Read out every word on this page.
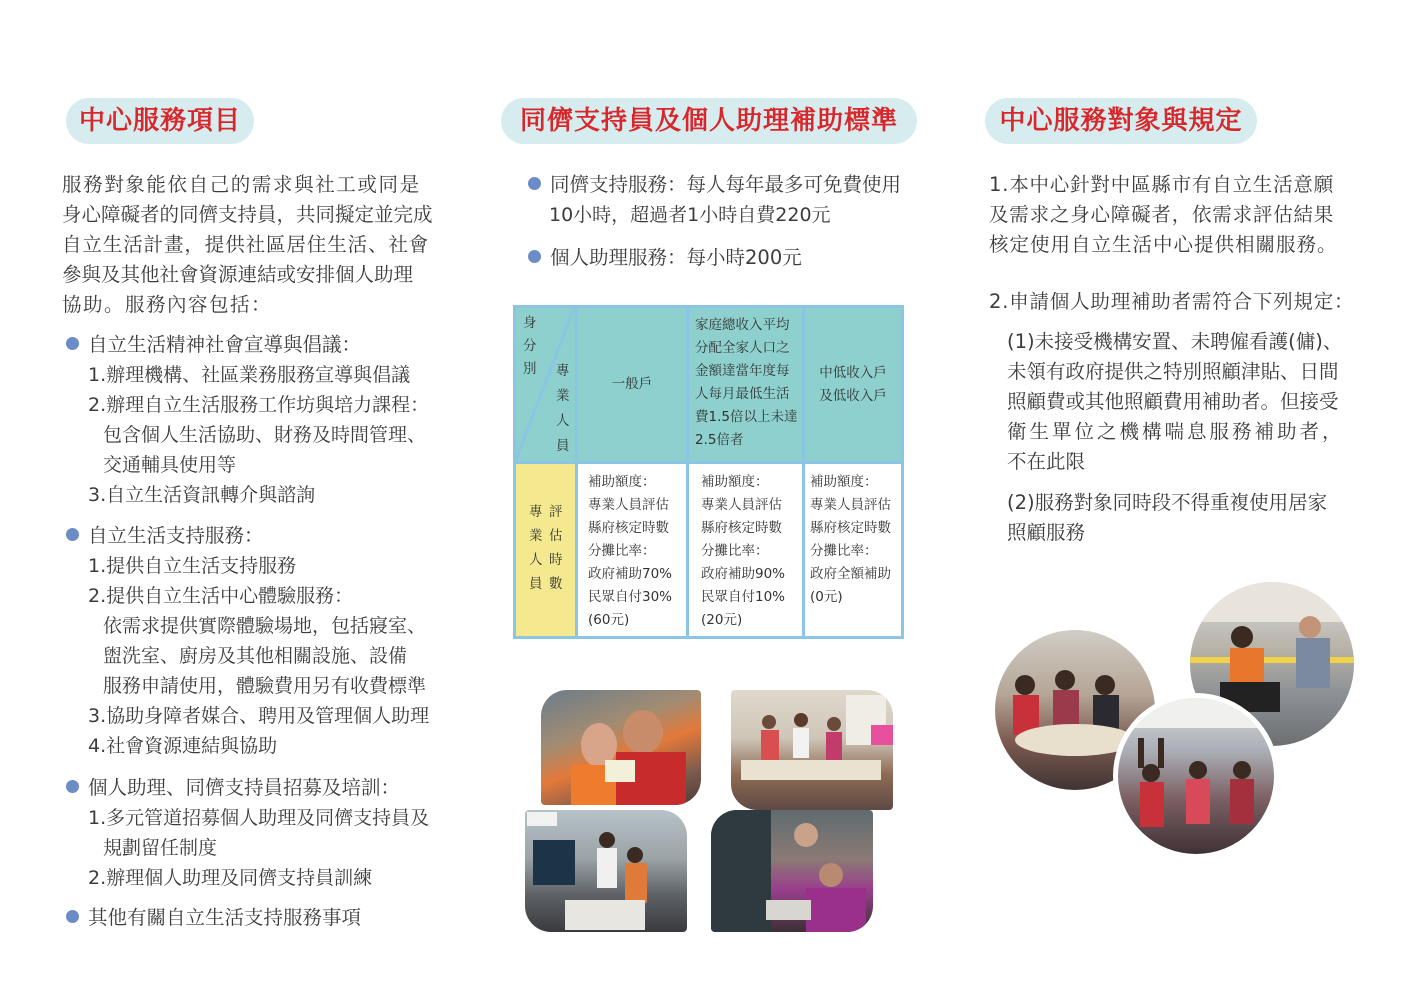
中心服務項目
服務對象能依自己的需求與社工或同是
身心障礙者的同儕支持員，共同擬定並完成
自立生活計畫，提供社區居住生活、社會
參與及其他社會資源連結或安排個人助理
協助。服務內容包括：
自立生活精神社會宣導與倡議：
1.辦理機構、社區業務服務宣導與倡議
2.辦理自立生活服務工作坊與培力課程：
包含個人生活協助、財務及時間管理、
交通輔具使用等
3.自立生活資訊轉介與諮詢
自立生活支持服務：
1.提供自立生活支持服務
2.提供自立生活中心體驗服務：
依需求提供實際體驗場地，包括寢室、
盥洗室、廚房及其他相關設施、設備
服務申請使用，體驗費用另有收費標準
3.協助身障者媒合、聘用及管理個人助理
4.社會資源連結與協助
個人助理、同儕支持員招募及培訓：
1.多元管道招募個人助理及同儕支持員及
規劃留任制度
2.辦理個人助理及同儕支持員訓練
其他有關自立生活支持服務事項
同儕支持員及個人助理補助標準
同儕支持服務：每人每年最多可免費使用
10小時，超過者1小時自費220元
個人助理服務：每小時200元
身
分
別 專
業
人
員
一般戶
家庭總收入平均
分配全家人口之
金額達當年度每
人每月最低生活
費1.5倍以上未達
2.5倍者
中低收入戶
及低收入戶
專
業
人
員
評
估
時
數
補助額度：
專業人員評估
縣府核定時數
分攤比率：
政府補助70%
民眾自付30%
(60元)
補助額度：
專業人員評估
縣府核定時數
分攤比率：
政府補助90%
民眾自付10%
(20元)
補助額度：
專業人員評估
縣府核定時數
分攤比率：
政府全額補助
(0元)
中心服務對象與規定
1.本中心針對中區縣市有自立生活意願
及需求之身心障礙者，依需求評估結果
核定使用自立生活中心提供相關服務。
2.申請個人助理補助者需符合下列規定：
(1)未接受機構安置、未聘僱看護(傭)、
未領有政府提供之特別照顧津貼、日間
照顧費或其他照顧費用補助者。但接受
衛生單位之機構喘息服務補助者，
不在此限
(2)服務對象同時段不得重複使用居家
照顧服務
